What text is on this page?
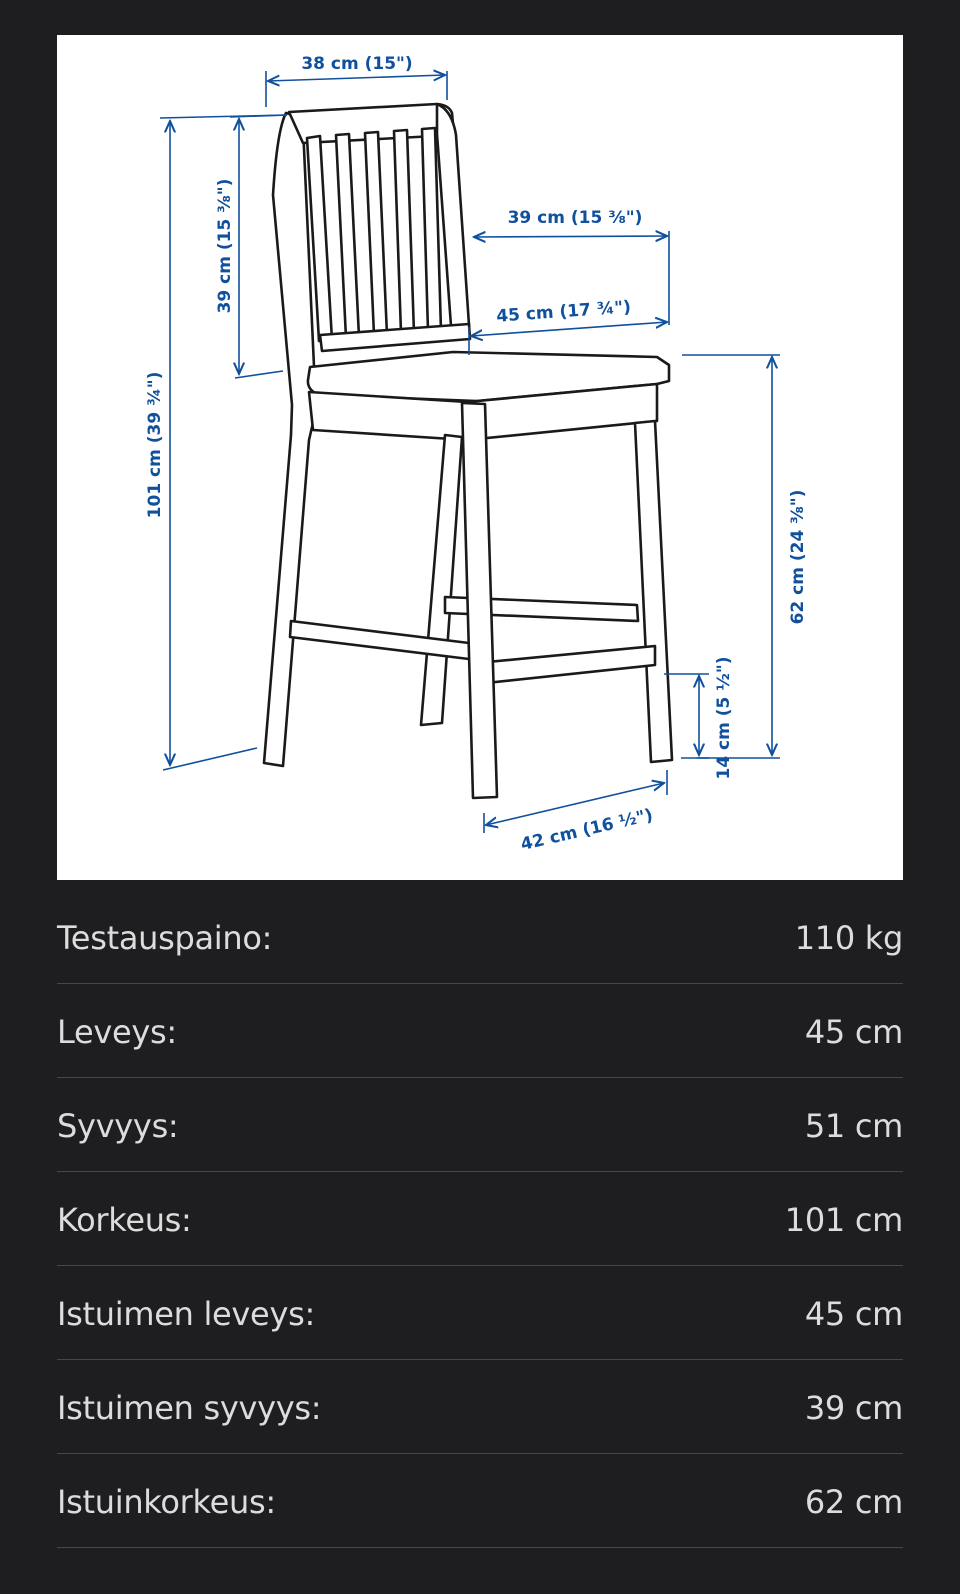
38 cm (15")
101 cm (39 ¾")
39 cm (15 ⅜")	39 cm (15 ⅜")
45 cm (17 ¾")
62 cm (24 ⅜")
14 cm (5 ½")
42 cm (16 ½")
Testauspaino:	110 kg
Leveys:	45 cm
Syvyys:	51 cm
Korkeus:	101 cm
Istuimen leveys:	45 cm
Istuimen syvyys:	39 cm
Istuinkorkeus:	62 cm
